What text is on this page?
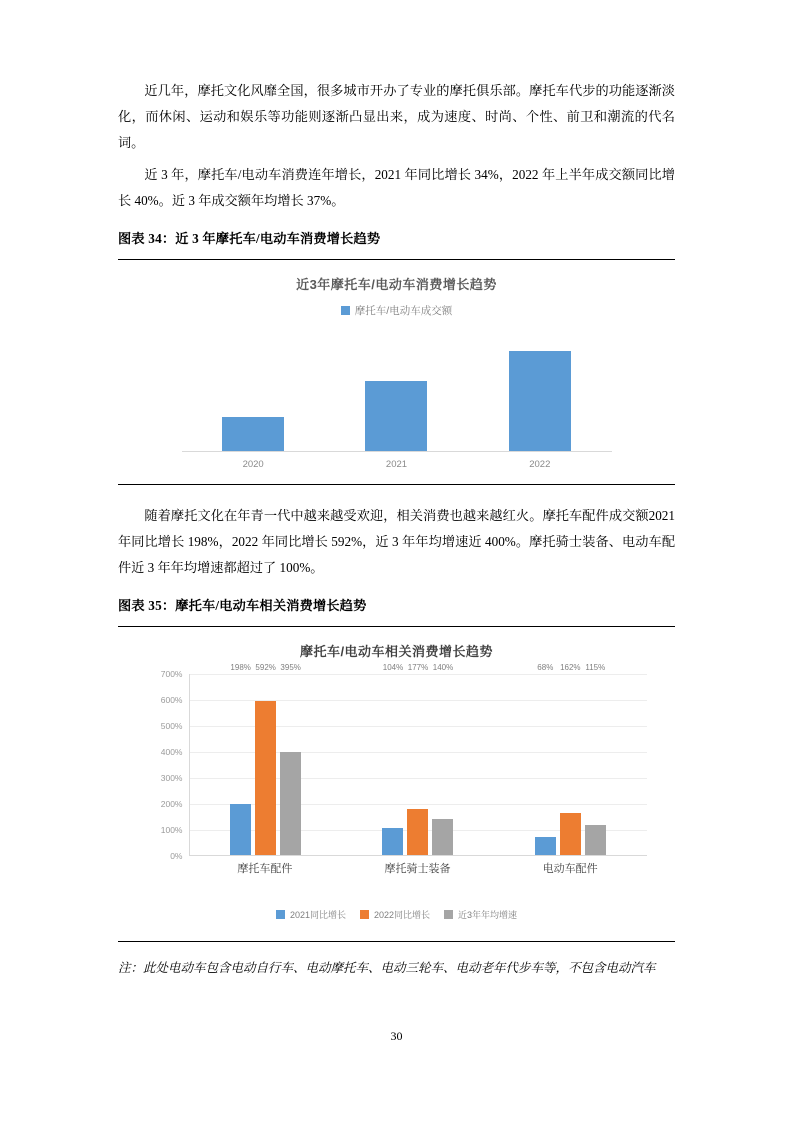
近几年，摩托文化风靡全国，很多城市开办了专业的摩托俱乐部。摩托车代步的功能逐渐淡化，而休闲、运动和娱乐等功能则逐渐凸显出来，成为速度、时尚、个性、前卫和潮流的代名词。

近 3 年，摩托车/电动车消费连年增长，2021 年同比增长 34%，2022 年上半年成交额同比增长 40%。近 3 年成交额年均增长 37%。

图表 34：近 3 年摩托车/电动车消费增长趋势
近3年摩托车/电动车消费增长趋势
摩托车/电动车成交额
2020	2021	2022

随着摩托文化在年青一代中越来越受欢迎，相关消费也越来越红火。摩托车配件成交额2021 年同比增长 198%，2022 年同比增长 592%，近 3 年年均增速近 400%。摩托骑士装备、电动车配件近 3 年年均增速都超过了 100%。

图表 35：摩托车/电动车相关消费增长趋势
摩托车/电动车相关消费增长趋势
0%
100%
200%
300%
400%
500%
600%
700%
198% 592% 395%	104% 177% 140%	68% 162% 115%
摩托车配件	摩托骑士装备	电动车配件
2021同比增长	2022同比增长	近3年年均增速
注：此处电动车包含电动自行车、电动摩托车、电动三轮车、电动老年代步车等，不包含电动汽车
30
